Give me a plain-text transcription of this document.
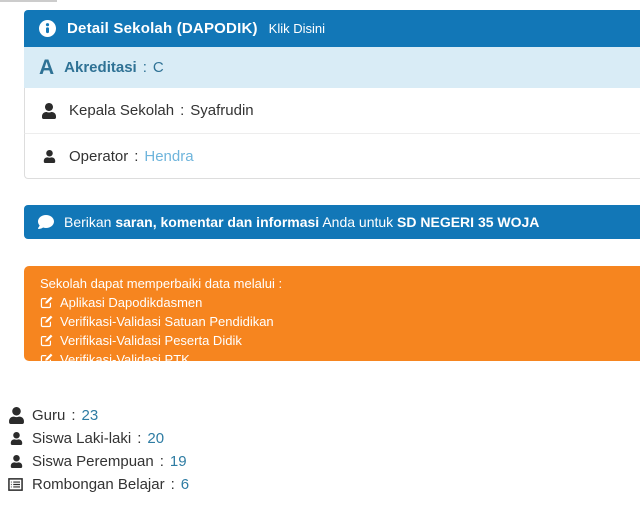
Detail Sekolah (DAPODIK) Klik Disini
A Akreditasi : C
Kepala Sekolah : Syafrudin
Operator : Hendra
Berikan saran, komentar dan informasi Anda untuk SD NEGERI 35 WOJA
Sekolah dapat memperbaiki data melalui :
Aplikasi Dapodikdasmen
Verifikasi-Validasi Satuan Pendidikan
Verifikasi-Validasi Peserta Didik
Verifikasi-Validasi PTK
Guru : 23
Siswa Laki-laki : 20
Siswa Perempuan : 19
Rombongan Belajar : 6
